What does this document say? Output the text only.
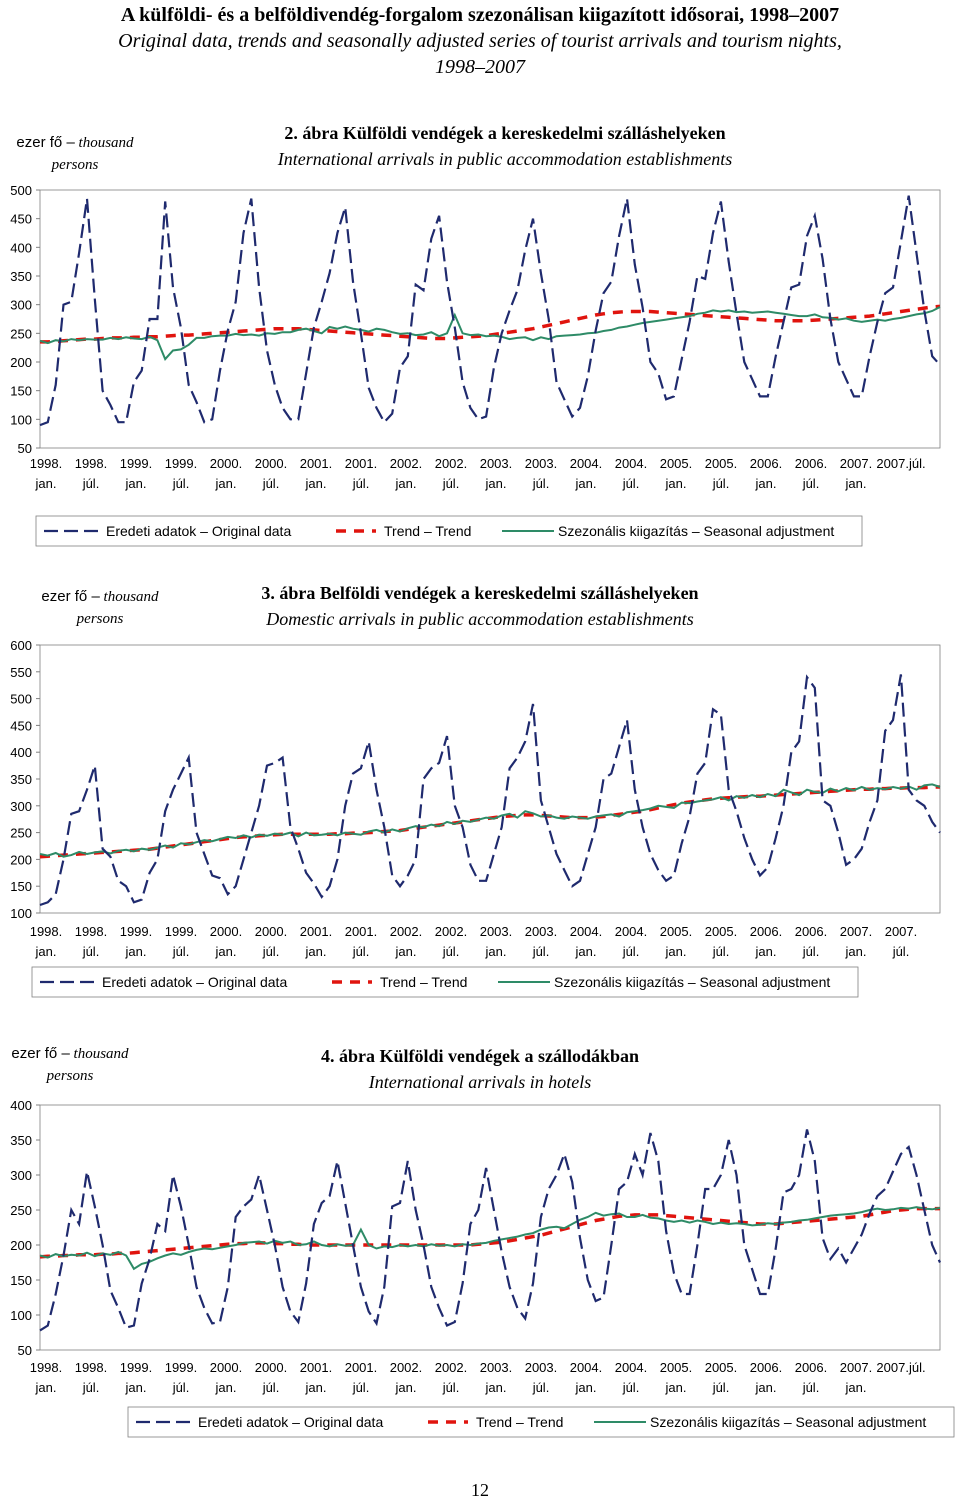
A külföldi- és a belföldivendég-forgalom szezonálisan kiigazított idősorai, 1998–2007
Original data, trends and seasonally adjusted series of tourist arrivals and tourism nights,
1998–2007
ezer fő – thousand persons
2. ábra Külföldi vendégek a kereskedelmi szálláshelyeken
International arrivals in public accommodation establishments
50
100
150
200
250
300
350
400
450
500
1998.
jan.
1998.
júl.
1999.
jan.
1999.
júl.
2000.
jan.
2000.
júl.
2001.
jan.
2001.
júl.
2002.
jan.
2002.
júl.
2003.
jan.
2003.
júl.
2004.
jan.
2004.
júl.
2005.
jan.
2005.
júl.
2006.
jan.
2006.
júl.
2007.
jan.
2007.júl.
Eredeti adatok – Original data	Trend – Trend	Szezonális kiigazítás – Seasonal adjustment
ezer fő – thousand persons
3. ábra Belföldi vendégek a kereskedelmi szálláshelyeken
Domestic arrivals in public accommodation establishments
100
150
200
250
300
350
400
450
500
550
600
1998.
jan.
1998.
júl.
1999.
jan.
1999.
júl.
2000.
jan.
2000.
júl.
2001.
jan.
2001.
júl.
2002.
jan.
2002.
júl.
2003.
jan.
2003.
júl.
2004.
jan.
2004.
júl.
2005.
jan.
2005.
júl.
2006.
jan.
2006.
júl.
2007.
jan.
2007.
júl.
Eredeti adatok – Original data	Trend – Trend	Szezonális kiigazítás – Seasonal adjustment
ezer fő – thousand persons
4. ábra Külföldi vendégek a szállodákban
International arrivals in hotels
50
100
150
200
250
300
350
400
1998.
jan.
1998.
júl.
1999.
jan.
1999.
júl.
2000.
jan.
2000.
júl.
2001.
jan.
2001.
júl.
2002.
jan.
2002.
júl.
2003.
jan.
2003.
júl.
2004.
jan.
2004.
júl.
2005.
jan.
2005.
júl.
2006.
jan.
2006.
júl.
2007.
jan.
2007.júl.
Eredeti adatok – Original data	Trend – Trend	Szezonális kiigazítás – Seasonal adjustment
12
